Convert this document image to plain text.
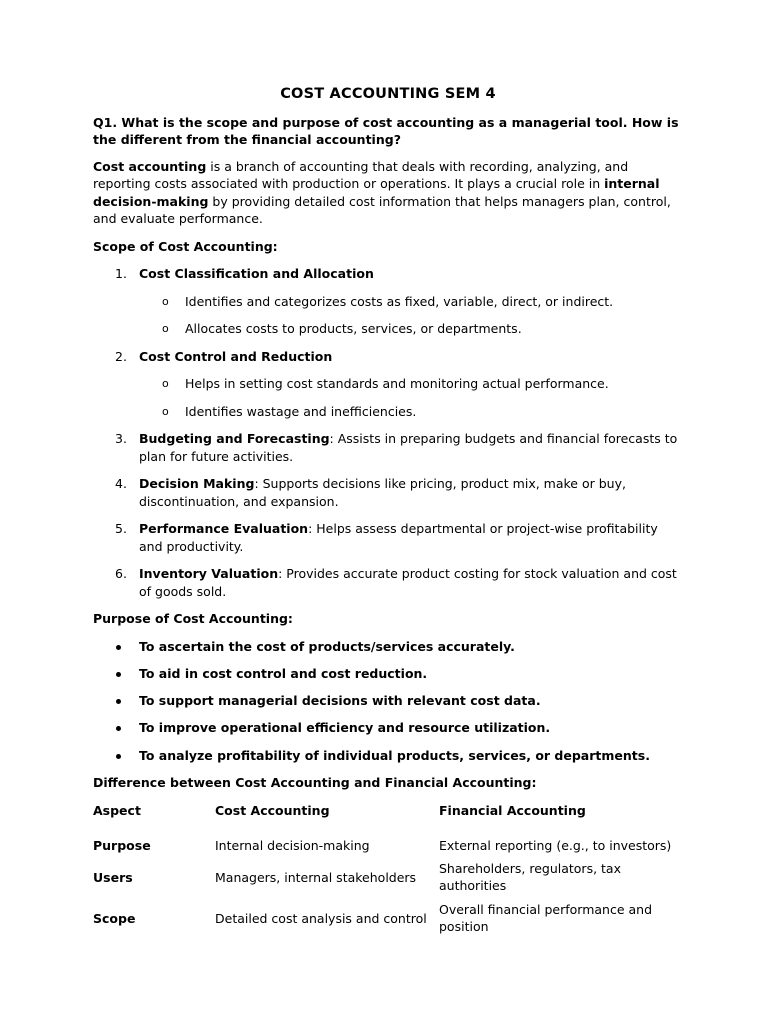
COST ACCOUNTING SEM 4

Q1. What is the scope and purpose of cost accounting as a managerial tool. How is the different from the financial accounting?

Cost accounting is a branch of accounting that deals with recording, analyzing, and reporting costs associated with production or operations. It plays a crucial role in internal decision-making by providing detailed cost information that helps managers plan, control, and evaluate performance.

Scope of Cost Accounting:

1. Cost Classification and Allocation
o Identifies and categorizes costs as fixed, variable, direct, or indirect.
o Allocates costs to products, services, or departments.
2. Cost Control and Reduction
o Helps in setting cost standards and monitoring actual performance.
o Identifies wastage and inefficiencies.
3. Budgeting and Forecasting: Assists in preparing budgets and financial forecasts to plan for future activities.
4. Decision Making: Supports decisions like pricing, product mix, make or buy, discontinuation, and expansion.
5. Performance Evaluation: Helps assess departmental or project-wise profitability and productivity.
6. Inventory Valuation: Provides accurate product costing for stock valuation and cost of goods sold.

Purpose of Cost Accounting:

To ascertain the cost of products/services accurately.
To aid in cost control and cost reduction.
To support managerial decisions with relevant cost data.
To improve operational efficiency and resource utilization.
To analyze profitability of individual products, services, or departments.

Difference between Cost Accounting and Financial Accounting:

Aspect	Cost Accounting	Financial Accounting
Purpose	Internal decision-making	External reporting (e.g., to investors)
Users	Managers, internal stakeholders	Shareholders, regulators, tax authorities
Scope	Detailed cost analysis and control	Overall financial performance and position
